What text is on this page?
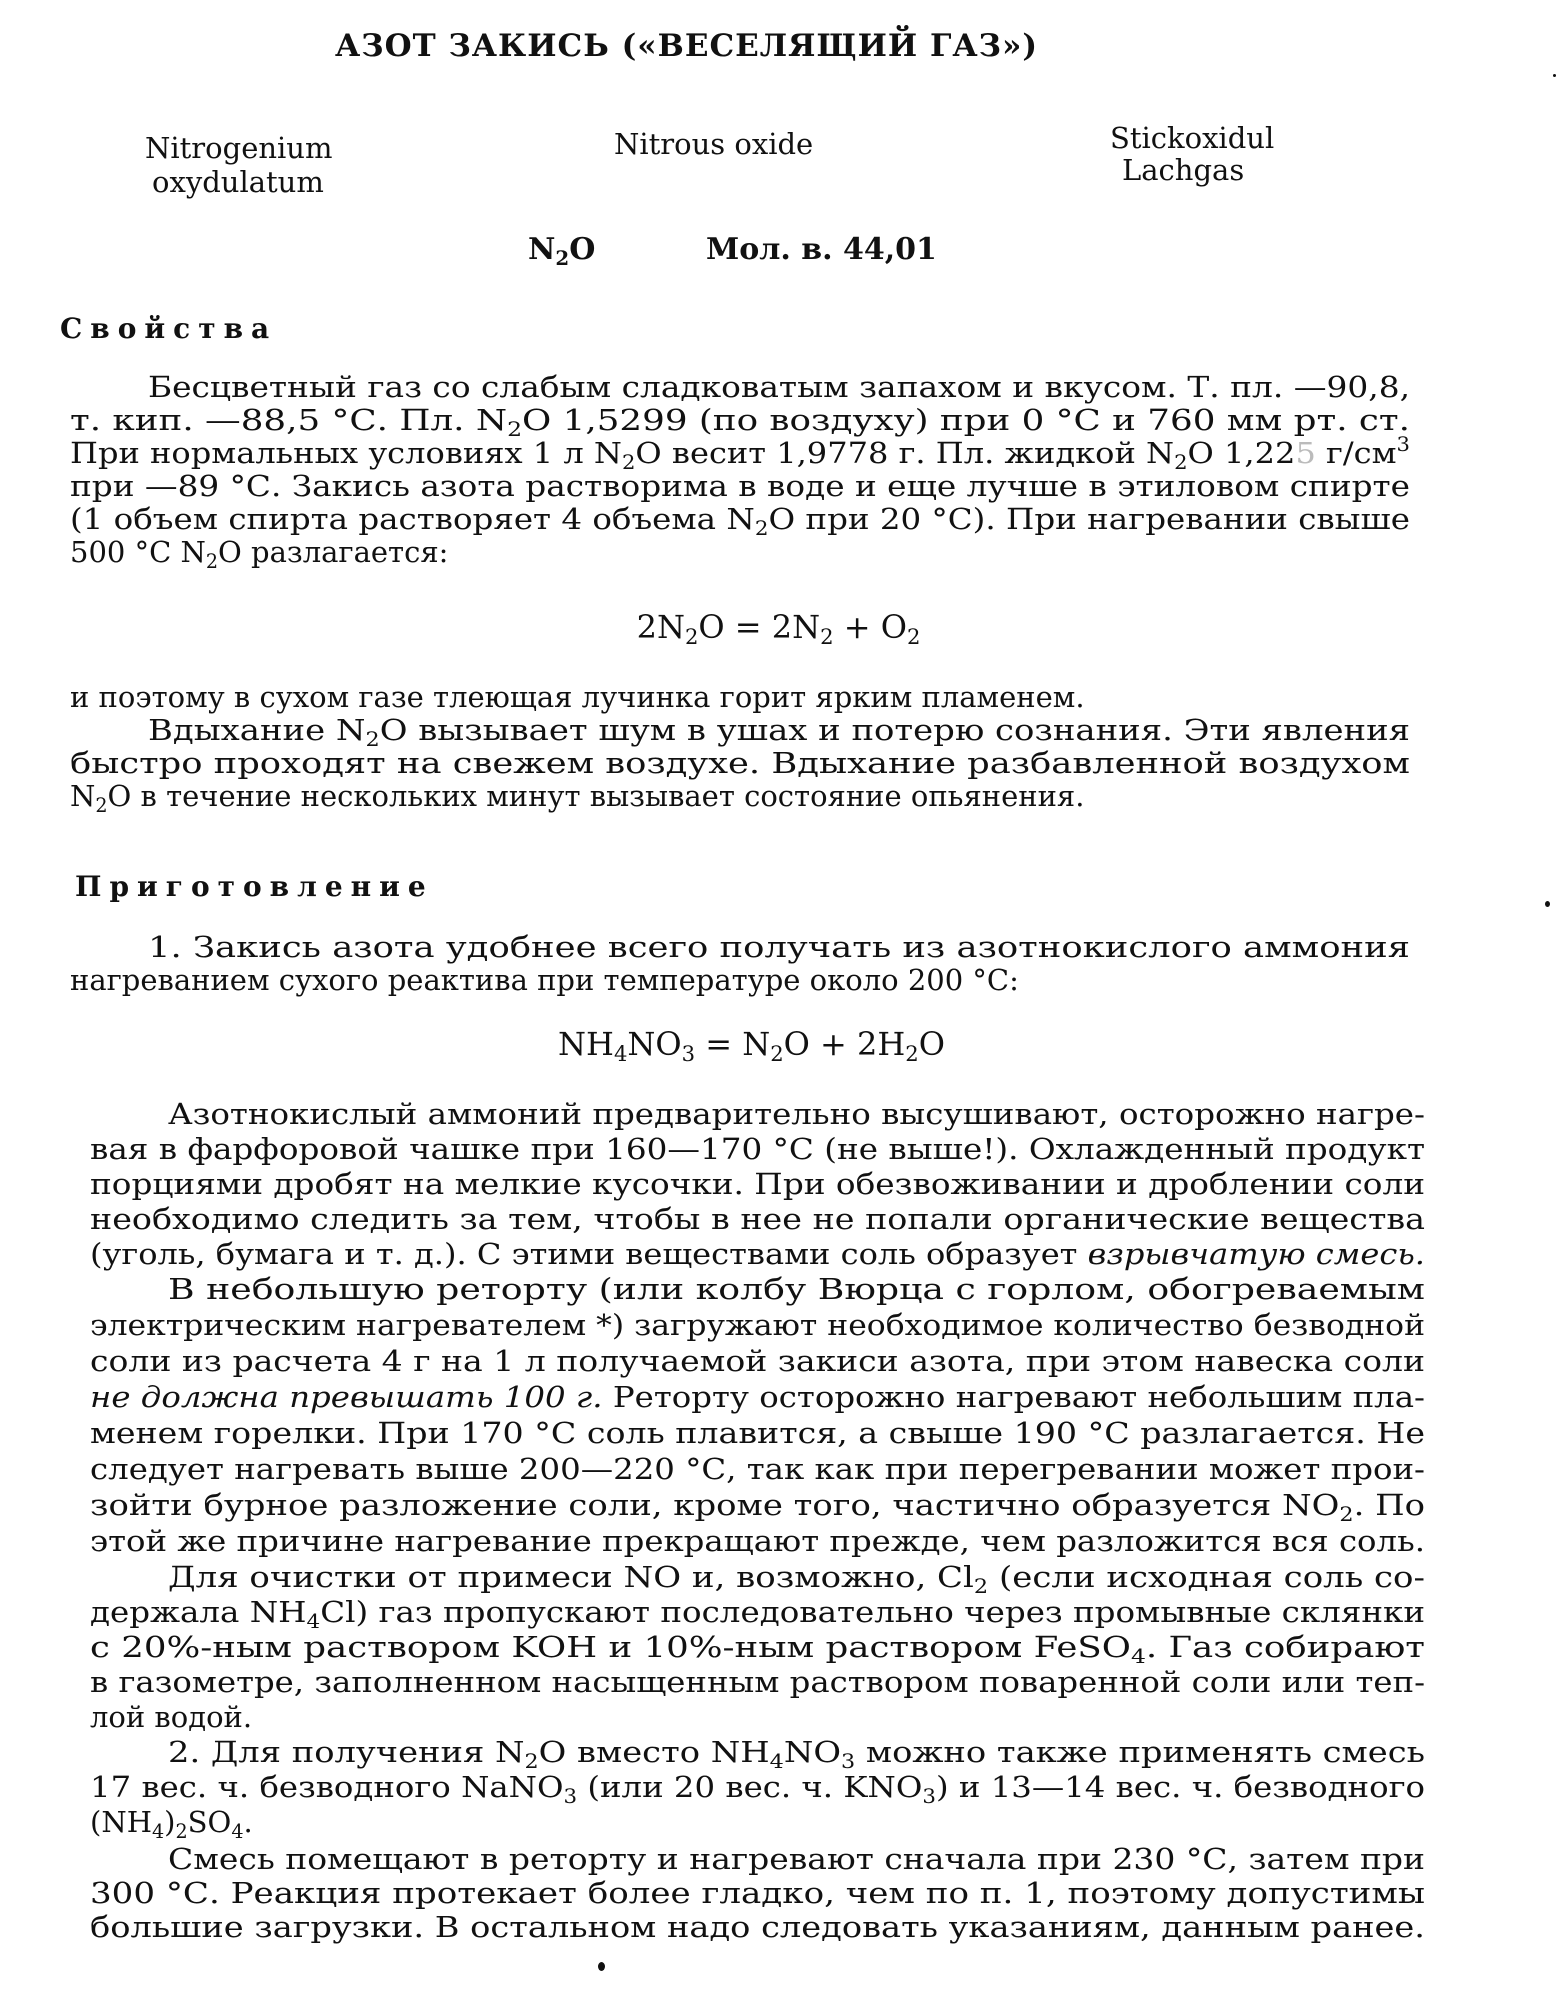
АЗОТ ЗАКИСЬ («ВЕСЕЛЯЩИЙ ГАЗ»)
Nitrogenium
oxydulatum
Nitrous oxide	Stickoxidul
Lachgas
$N_2O$	Мол. в. 44,01
Свойства
Бесцветный газ со слабым сладковатым запахом и вкусом. Т. пл. —90,8,
т. кип. —88,5 °С. Пл. $N_2O$ 1,5299 (по воздуху) при 0 °С и 760 мм рт. ст.
При нормальных условиях 1 л $N_2O$ весит 1,9778 г. Пл. жидкой $N_2O$ 1,225 $г/см^3$
при —89 °С. Закись азота растворима в воде и еще лучше в этиловом спирте
(1 объем спирта растворяет 4 объема $N_2O$ при 20 °С). При нагревании свыше
500 °С $N_2O$ разлагается:
$2N_2O = 2N_2 + O_2$
и поэтому в сухом газе тлеющая лучинка горит ярким пламенем.
Вдыхание $N_2O$ вызывает шум в ушах и потерю сознания. Эти явления
быстро проходят на свежем воздухе. Вдыхание разбавленной воздухом
$N_2O$ в течение нескольких минут вызывает состояние опьянения.
Приготовление
1. Закись азота удобнее всего получать из азотнокислого аммония
нагреванием сухого реактива при температуре около 200 °С:
$NH_4NO_3 = N_2O + 2H_2O$
Азотнокислый аммоний предварительно высушивают, осторожно нагре-
вая в фарфоровой чашке при 160—170 °С (не выше!). Охлажденный продукт
порциями дробят на мелкие кусочки. При обезвоживании и дроблении соли
необходимо следить за тем, чтобы в нее не попали органические вещества
(уголь, бумага и т. д.). С этими веществами соль образует взрывчатую смесь.
В небольшую реторту (или колбу Вюрца с горлом, обогреваемым
электрическим нагревателем *) загружают необходимое количество безводной
соли из расчета 4 г на 1 л получаемой закиси азота, при этом навеска соли
не должна превышать 100 г. Реторту осторожно нагревают небольшим пла-
менем горелки. При 170 °С соль плавится, а свыше 190 °С разлагается. Не
следует нагревать выше 200—220 °С, так как при перегревании может прои-
зойти бурное разложение соли, кроме того, частично образуется $NO_2$. По
этой же причине нагревание прекращают прежде, чем разложится вся соль.
Для очистки от примеси NO и, возможно, $Cl_2$ (если исходная соль со-
держала $NH_4Cl$) газ пропускают последовательно через промывные склянки
с 20%-ным раствором KOH и 10%-ным раствором FeSO$_4$. Газ собирают
в газометре, заполненном насыщенным раствором поваренной соли или теп-
лой водой.
2. Для получения $N_2O$ вместо $NH_4NO_3$ можно также применять смесь
17 вес. ч. безводного NaNO$_3$ (или 20 вес. ч. $KNO_3$) и 13—14 вес. ч. безводного
$(NH_4)_2SO_4$.
Смесь помещают в реторту и нагревают сначала при 230 °С, затем при
300 °С. Реакция протекает более гладко, чем по п. 1, поэтому допустимы
большие загрузки. В остальном надо следовать указаниям, данным ранее.
